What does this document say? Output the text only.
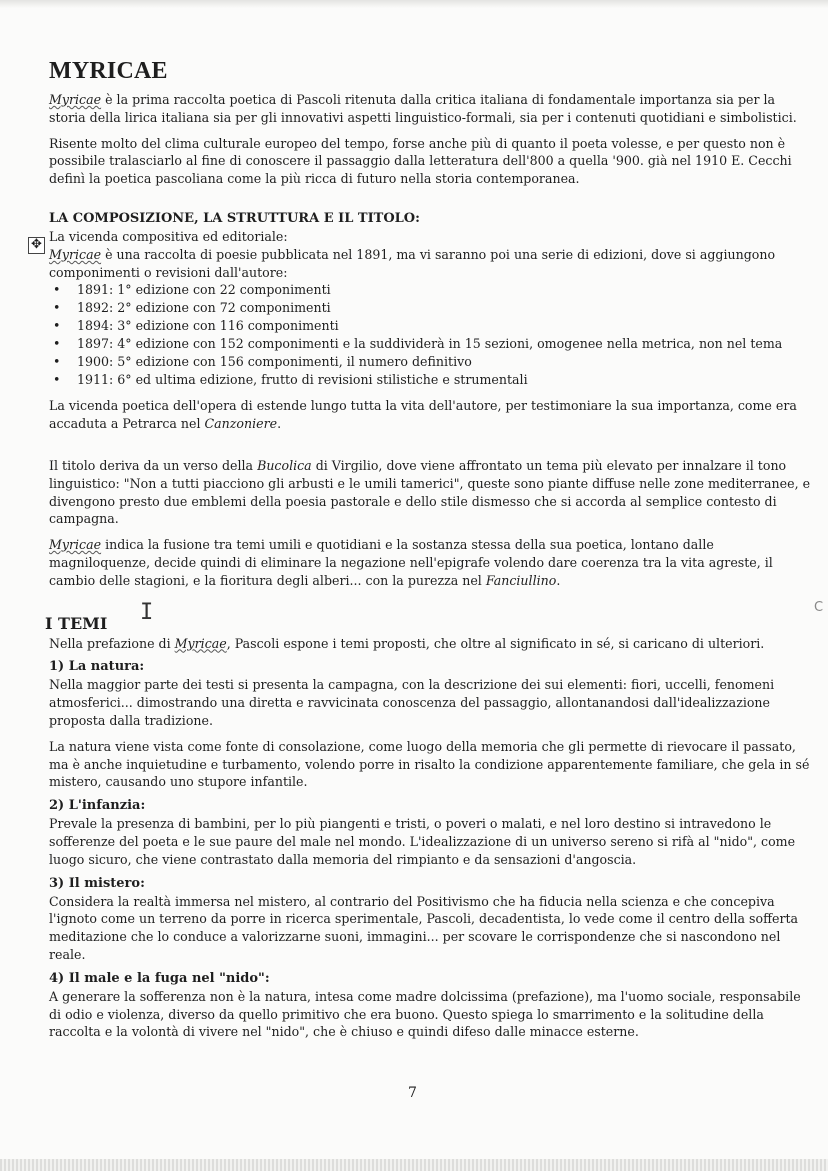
✥
MYRICAE

Myricae è la prima raccolta poetica di Pascoli ritenuta dalla critica italiana di fondamentale importanza sia per la storia della lirica italiana sia per gli innovativi aspetti linguistico-formali, sia per i contenuti quotidiani e simbolistici.

Risente molto del clima culturale europeo del tempo, forse anche più di quanto il poeta volesse, e per questo non è possibile tralasciarlo al fine di conoscere il passaggio dalla letteratura dell'800 a quella '900. già nel 1910 E. Cecchi definì la poetica pascoliana come la più ricca di futuro nella storia contemporanea.

LA COMPOSIZIONE, LA STRUTTURA E IL TITOLO:

La vicenda compositiva ed editoriale:

Myricae è una raccolta di poesie pubblicata nel 1891, ma vi saranno poi una serie di edizioni, dove si aggiungono componimenti o revisioni dall'autore:

• 1891: 1° edizione con 22 componimenti
• 1892: 2° edizione con 72 componimenti
• 1894: 3° edizione con 116 componimenti
• 1897: 4° edizione con 152 componimenti e la suddividerà in 15 sezioni, omogenee nella metrica, non nel tema
• 1900: 5° edizione con 156 componimenti, il numero definitivo
• 1911: 6° ed ultima edizione, frutto di revisioni stilistiche e strumentali

La vicenda poetica dell'opera di estende lungo tutta la vita dell'autore, per testimoniare la sua importanza, come era accaduta a Petrarca nel Canzoniere.

Il titolo deriva da un verso della Bucolica di Virgilio, dove viene affrontato un tema più elevato per innalzare il tono linguistico: "Non a tutti piacciono gli arbusti e le umili tamerici", queste sono piante diffuse nelle zone mediterranee, e divengono presto due emblemi della poesia pastorale e dello stile dismesso che si accorda al semplice contesto di campagna.

Myricae indica la fusione tra temi umili e quotidiani e la sostanza stessa della sua poetica, lontano dalle magniloquenze, decide quindi di eliminare la negazione nell'epigrafe volendo dare coerenza tra la vita agreste, il cambio delle stagioni, e la fioritura degli alberi... con la purezza nel Fanciullino.

I TEMI

Nella prefazione di Myricae, Pascoli espone i temi proposti, che oltre al significato in sé, si caricano di ulteriori.

1) La natura:

Nella maggior parte dei testi si presenta la campagna, con la descrizione dei sui elementi: fiori, uccelli, fenomeni atmosferici... dimostrando una diretta e ravvicinata conoscenza del passaggio, allontanandosi dall'idealizzazione proposta dalla tradizione.

La natura viene vista come fonte di consolazione, come luogo della memoria che gli permette di rievocare il passato, ma è anche inquietudine e turbamento, volendo porre in risalto la condizione apparentemente familiare, che gela in sé mistero, causando uno stupore infantile.

2) L'infanzia:

Prevale la presenza di bambini, per lo più piangenti e tristi, o poveri o malati, e nel loro destino si intravedono le sofferenze del poeta e le sue paure del male nel mondo. L'idealizzazione di un universo sereno si rifà al "nido", come luogo sicuro, che viene contrastato dalla memoria del rimpianto e da sensazioni d'angoscia.

3) Il mistero:

Considera la realtà immersa nel mistero, al contrario del Positivismo che ha fiducia nella scienza e che concepiva l'ignoto come un terreno da porre in ricerca sperimentale, Pascoli, decadentista, lo vede come il centro della sofferta meditazione che lo conduce a valorizzarne suoni, immagini... per scovare le corrispondenze che si nascondono nel reale.

4) Il male e la fuga nel "nido":

A generare la sofferenza non è la natura, intesa come madre dolcissima (prefazione), ma l'uomo sociale, responsabile di odio e violenza, diverso da quello primitivo che era buono. Questo spiega lo smarrimento e la solitudine della raccolta e la volontà di vivere nel "nido", che è chiuso e quindi difeso dalle minacce esterne.

I	C
7
